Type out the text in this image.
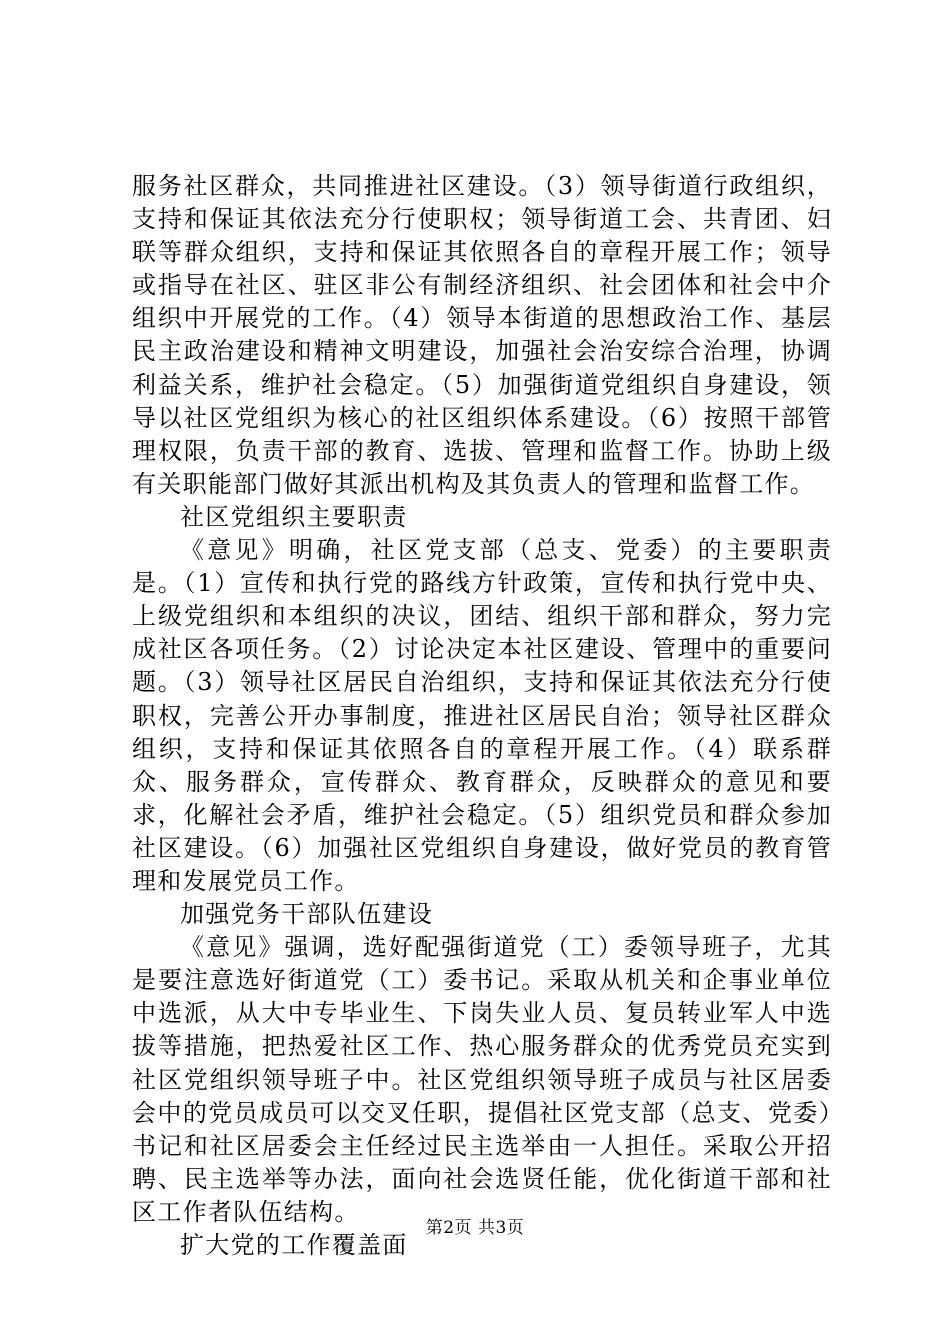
服务社区群众，共同推进社区建设。（3）领导街道行政组织，支持和保证其依法充分行使职权；领导街道工会、共青团、妇联等群众组织，支持和保证其依照各自的章程开展工作；领导或指导在社区、驻区非公有制经济组织、社会团体和社会中介组织中开展党的工作。（4）领导本街道的思想政治工作、基层民主政治建设和精神文明建设，加强社会治安综合治理，协调利益关系，维护社会稳定。（5）加强街道党组织自身建设，领导以社区党组织为核心的社区组织体系建设。（6）按照干部管理权限，负责干部的教育、选拔、管理和监督工作。协助上级有关职能部门做好其派出机构及其负责人的管理和监督工作。

社区党组织主要职责

《意见》明确，社区党支部（总支、党委）的主要职责是。（1）宣传和执行党的路线方针政策，宣传和执行党中央、上级党组织和本组织的决议，团结、组织干部和群众，努力完成社区各项任务。（2）讨论决定本社区建设、管理中的重要问题。（3）领导社区居民自治组织，支持和保证其依法充分行使职权，完善公开办事制度，推进社区居民自治；领导社区群众组织，支持和保证其依照各自的章程开展工作。（4）联系群众、服务群众，宣传群众、教育群众，反映群众的意见和要求，化解社会矛盾，维护社会稳定。（5）组织党员和群众参加社区建设。（6）加强社区党组织自身建设，做好党员的教育管理和发展党员工作。

加强党务干部队伍建设

《意见》强调，选好配强街道党（工）委领导班子，尤其是要注意选好街道党（工）委书记。采取从机关和企事业单位中选派，从大中专毕业生、下岗失业人员、复员转业军人中选拔等措施，把热爱社区工作、热心服务群众的优秀党员充实到社区党组织领导班子中。社区党组织领导班子成员与社区居委会中的党员成员可以交叉任职，提倡社区党支部（总支、党委）书记和社区居委会主任经过民主选举由一人担任。采取公开招聘、民主选举等办法，面向社会选贤任能，优化街道干部和社区工作者队伍结构。

扩大党的工作覆盖面

第2页 共3页
